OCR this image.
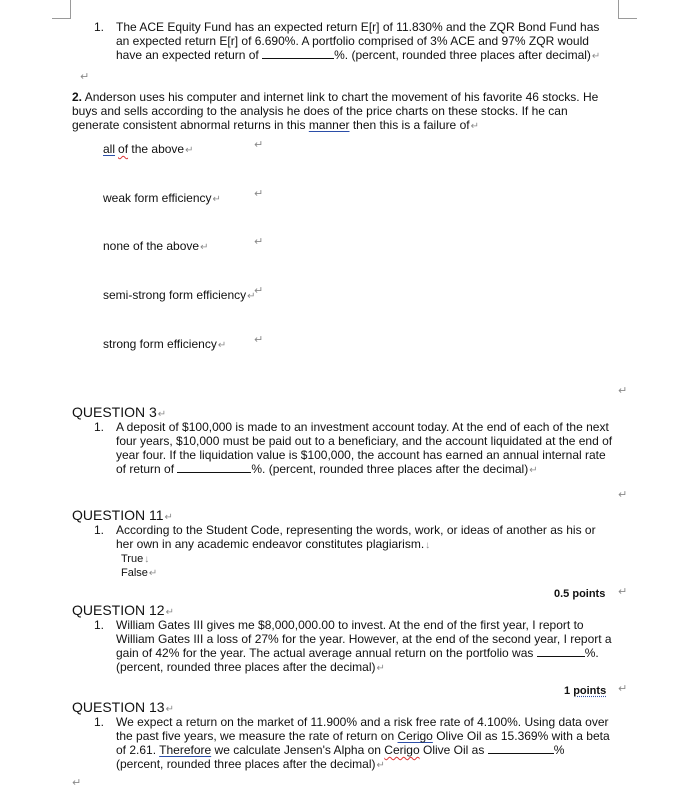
1. The ACE Equity Fund has an expected return E[r] of 11.830% and the ZQR Bond Fund has
an expected return E[r] of 6.690%. A portfolio comprised of 3% ACE and 97% ZQR would
have an expected return of	%. (percent, rounded three places after decimal)↵
↵
2. Anderson uses his computer and internet link to chart the movement of his favorite 46 stocks. He
buys and sells according to the analysis he does of the price charts on these stocks. If he can
generate consistent abnormal returns in this manner then this is a failure of↵
all of the above↵	↵
weak form efficiency↵	↵
none of the above↵	↵
semi-strong form efficiency↵
↵
strong form efficiency↵	↵
↵
QUESTION 3↵
1. A deposit of $100,000 is made to an investment account today. At the end of each of the next
four years, $10,000 must be paid out to a beneficiary, and the account liquidated at the end of
year four. If the liquidation value is $100,000, the account has earned an annual internal rate
of return of	%. (percent, rounded three places after the decimal)↵
↵
QUESTION 11↵
1. According to the Student Code, representing the words, work, or ideas of another as his or
her own in any academic endeavor constitutes plagiarism.↓
True↓
False↵
0.5 points ↵
QUESTION 12↵
1. William Gates III gives me $8,000,000.00 to invest. At the end of the first year, I report to
William Gates III a loss of 27% for the year. However, at the end of the second year, I report a
gain of 42% for the year. The actual average annual return on the portfolio was	%.
(percent, rounded three places after the decimal)↵
1 points ↵
QUESTION 13↵
1. We expect a return on the market of 11.900% and a risk free rate of 4.100%. Using data over
the past five years, we measure the rate of return on Cerigo Olive Oil as 15.369% with a beta
of 2.61. Therefore we calculate Jensen's Alpha on Cerigo Olive Oil as	%
(percent, rounded three places after the decimal)↵
↵
